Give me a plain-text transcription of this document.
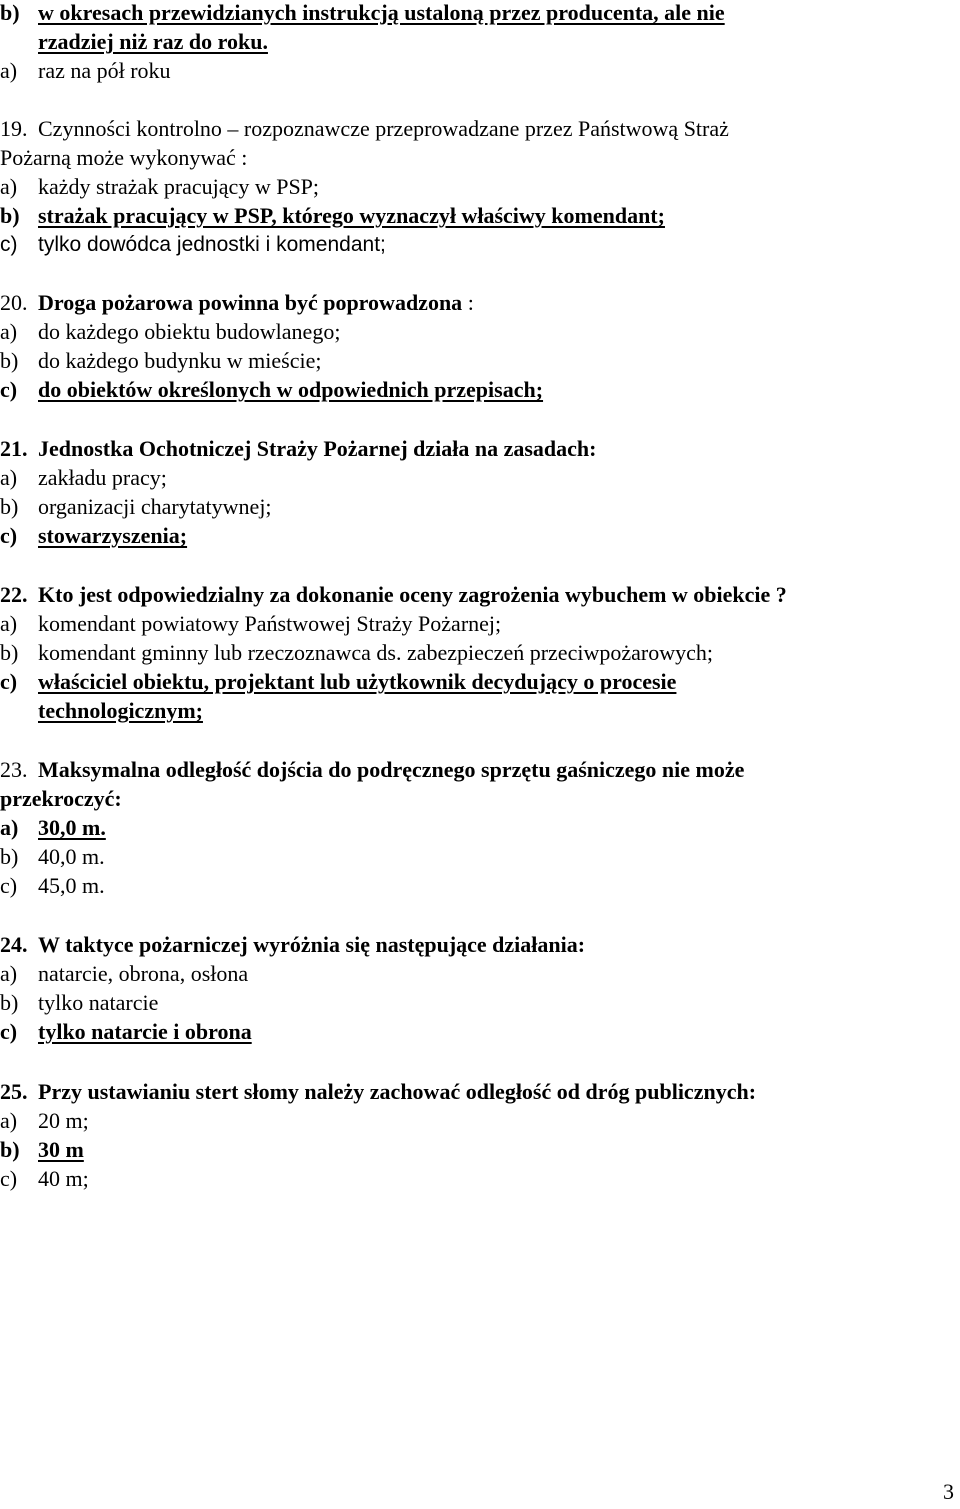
b) w okresach przewidzianych instrukcją ustaloną przez producenta, ale nie
rzadziej niż raz do roku.
a) raz na pół roku
19. Czynności kontrolno – rozpoznawcze przeprowadzane przez Państwową Straż
Pożarną może wykonywać :
a) każdy strażak pracujący w PSP;
b) strażak pracujący w PSP, którego wyznaczył właściwy komendant;
c) tylko dowódca jednostki i komendant;
20. Droga pożarowa powinna być poprowadzona :
a) do każdego obiektu budowlanego;
b) do każdego budynku w mieście;
c) do obiektów określonych w odpowiednich przepisach;
21. Jednostka Ochotniczej Straży Pożarnej działa na zasadach:
a) zakładu pracy;
b) organizacji charytatywnej;
c) stowarzyszenia;
22. Kto jest odpowiedzialny za dokonanie oceny zagrożenia wybuchem w obiekcie ?
a) komendant powiatowy Państwowej Straży Pożarnej;
b) komendant gminny lub rzeczoznawca ds. zabezpieczeń przeciwpożarowych;
c) właściciel obiektu, projektant lub użytkownik decydujący o procesie
technologicznym;
23. Maksymalna odległość dojścia do podręcznego sprzętu gaśniczego nie może
przekroczyć:
a) 30,0 m.
b) 40,0 m.
c) 45,0 m.
24. W taktyce pożarniczej wyróżnia się następujące działania:
a) natarcie, obrona, osłona
b) tylko natarcie
c) tylko natarcie i obrona
25. Przy ustawianiu stert słomy należy zachować odległość od dróg publicznych:
a) 20 m;
b) 30 m
c) 40 m;
3
